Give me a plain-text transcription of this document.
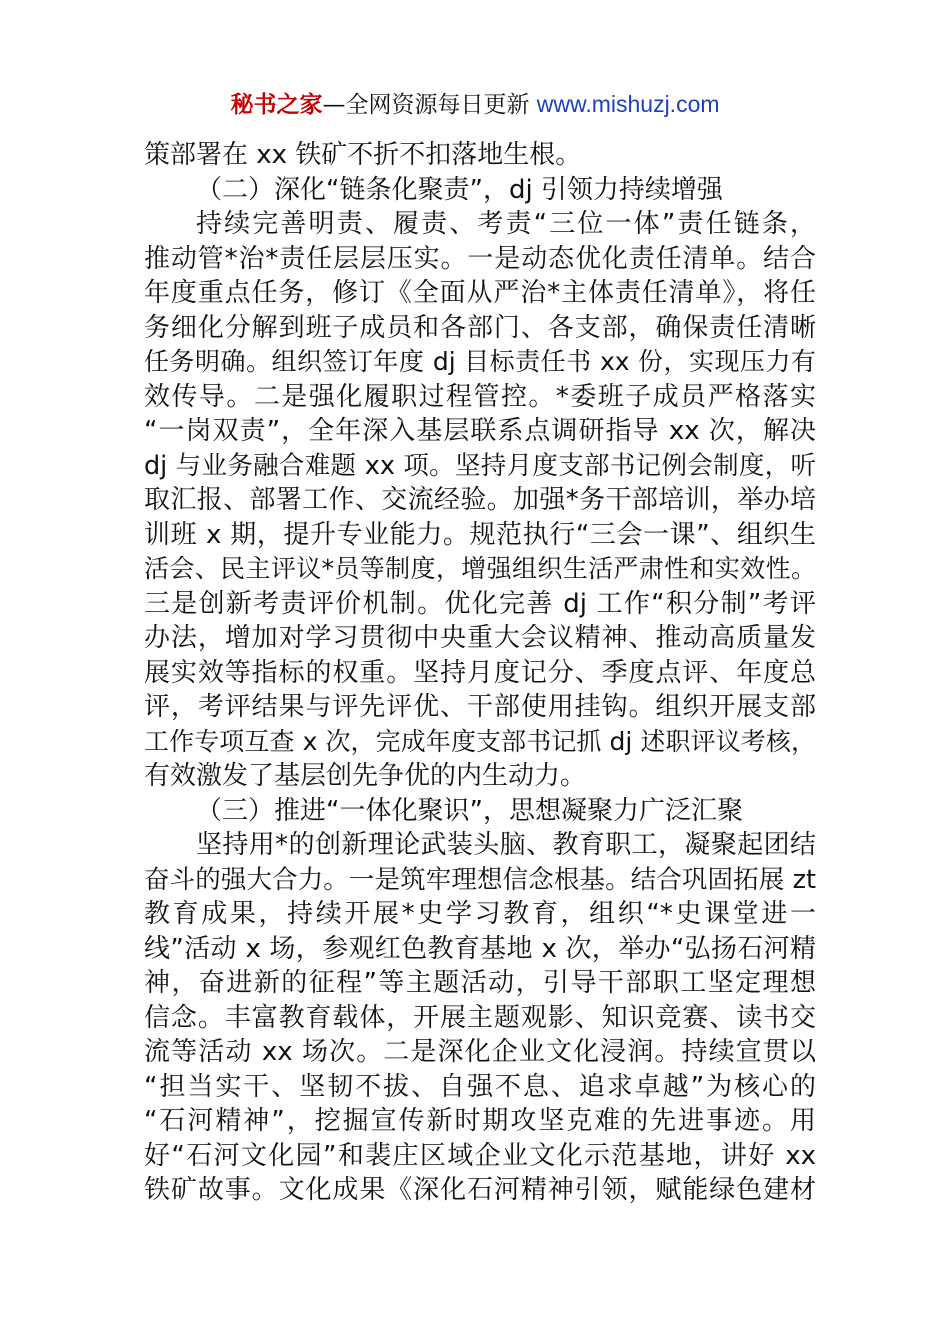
秘书之家—全网资源每日更新 www.mishuzj.com
策部署在 xx 铁矿不折不扣落地生根。
（二）深化“链条化聚责”，dj 引领力持续增强
持续完善明责、履责、考责“三位一体”责任链条，
推动管*治*责任层层压实。一是动态优化责任清单。结合
年度重点任务，修订《全面从严治*主体责任清单》，将任
务细化分解到班子成员和各部门、各支部，确保责任清晰
任务明确。组织签订年度 dj 目标责任书 xx 份，实现压力有
效传导。二是强化履职过程管控。*委班子成员严格落实
“一岗双责”，全年深入基层联系点调研指导 xx 次，解决
dj 与业务融合难题 xx 项。坚持月度支部书记例会制度，听
取汇报、部署工作、交流经验。加强*务干部培训，举办培
训班 x 期，提升专业能力。规范执行“三会一课”、组织生
活会、民主评议*员等制度，增强组织生活严肃性和实效性。
三是创新考责评价机制。优化完善 dj 工作“积分制”考评
办法，增加对学习贯彻中央重大会议精神、推动高质量发
展实效等指标的权重。坚持月度记分、季度点评、年度总
评，考评结果与评先评优、干部使用挂钩。组织开展支部
工作专项互查 x 次，完成年度支部书记抓 dj 述职评议考核，
有效激发了基层创先争优的内生动力。
（三）推进“一体化聚识”，思想凝聚力广泛汇聚
坚持用*的创新理论武装头脑、教育职工，凝聚起团结
奋斗的强大合力。一是筑牢理想信念根基。结合巩固拓展 zt
教育成果，持续开展*史学习教育，组织“*史课堂进一
线”活动 x 场，参观红色教育基地 x 次，举办“弘扬石河精
神，奋进新的征程”等主题活动，引导干部职工坚定理想
信念。丰富教育载体，开展主题观影、知识竞赛、读书交
流等活动 xx 场次。二是深化企业文化浸润。持续宣贯以
“担当实干、坚韧不拔、自强不息、追求卓越”为核心的
“石河精神”，挖掘宣传新时期攻坚克难的先进事迹。用
好“石河文化园”和裴庄区域企业文化示范基地，讲好 xx
铁矿故事。文化成果《深化石河精神引领，赋能绿色建材
